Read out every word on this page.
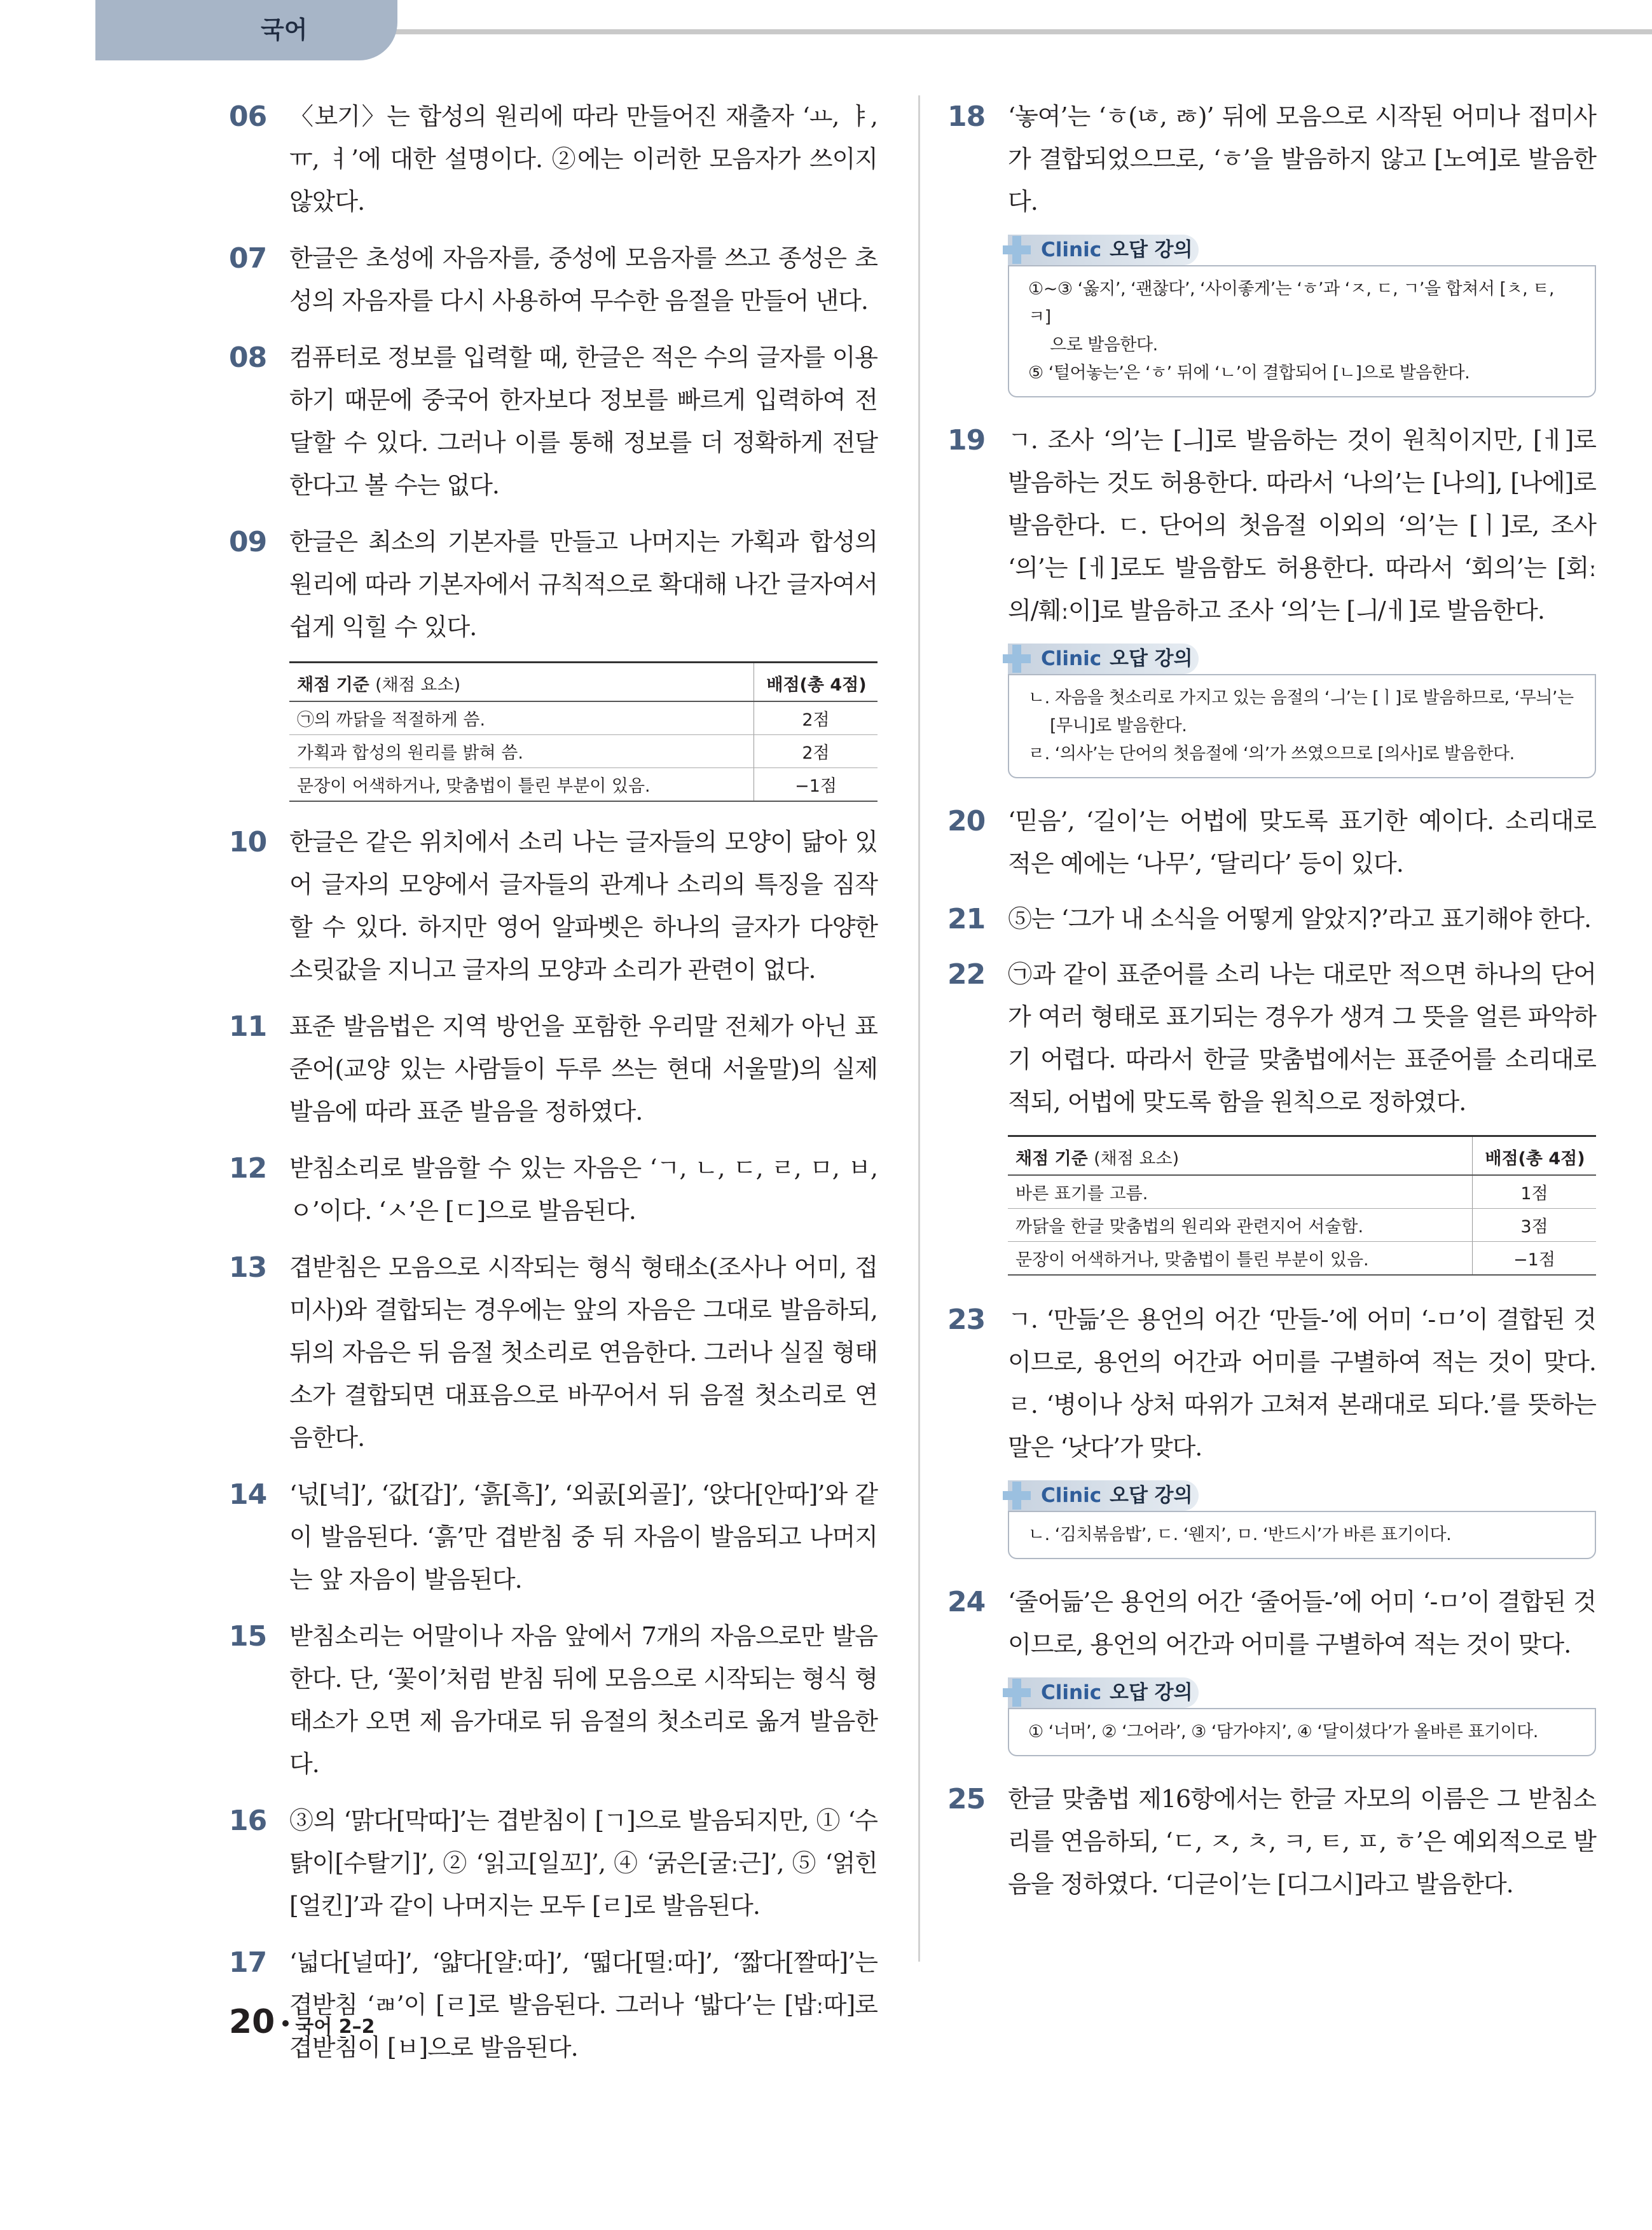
국어
06 〈보기〉는 합성의 원리에 따라 만들어진 재출자 ‘ㅛ, ㅑ, ㅠ, ㅕ’에 대한 설명이다. ②에는 이러한 모음자가 쓰이지 않았다.

07 한글은 초성에 자음자를, 중성에 모음자를 쓰고 종성은 초성의 자음자를 다시 사용하여 무수한 음절을 만들어 낸다.

08 컴퓨터로 정보를 입력할 때, 한글은 적은 수의 글자를 이용하기 때문에 중국어 한자보다 정보를 빠르게 입력하여 전달할 수 있다. 그러나 이를 통해 정보를 더 정확하게 전달한다고 볼 수는 없다.

09 한글은 최소의 기본자를 만들고 나머지는 가획과 합성의 원리에 따라 기본자에서 규칙적으로 확대해 나간 글자여서 쉽게 익힐 수 있다.

채점 기준 (채점 요소)	배점(총 4점)
㉠의 까닭을 적절하게 씀.	2점
가획과 합성의 원리를 밝혀 씀.	2점
문장이 어색하거나, 맞춤법이 틀린 부분이 있음.	−1점
10 한글은 같은 위치에서 소리 나는 글자들의 모양이 닮아 있어 글자의 모양에서 글자들의 관계나 소리의 특징을 짐작할 수 있다. 하지만 영어 알파벳은 하나의 글자가 다양한 소릿값을 지니고 글자의 모양과 소리가 관련이 없다.

11 표준 발음법은 지역 방언을 포함한 우리말 전체가 아닌 표준어(교양 있는 사람들이 두루 쓰는 현대 서울말)의 실제 발음에 따라 표준 발음을 정하였다.

12 받침소리로 발음할 수 있는 자음은 ‘ㄱ, ㄴ, ㄷ, ㄹ, ㅁ, ㅂ, ㅇ’이다. ‘ㅅ’은 [ㄷ]으로 발음된다.

13 겹받침은 모음으로 시작되는 형식 형태소(조사나 어미, 접미사)와 결합되는 경우에는 앞의 자음은 그대로 발음하되, 뒤의 자음은 뒤 음절 첫소리로 연음한다. 그러나 실질 형태소가 결합되면 대표음으로 바꾸어서 뒤 음절 첫소리로 연음한다.

14 ‘넋[넉]’, ‘값[갑]’, ‘흙[흑]’, ‘외곬[외골]’, ‘앉다[안따]’와 같이 발음된다. ‘흙’만 겹받침 중 뒤 자음이 발음되고 나머지는 앞 자음이 발음된다.

15 받침소리는 어말이나 자음 앞에서 7개의 자음으로만 발음한다. 단, ‘꽃이’처럼 받침 뒤에 모음으로 시작되는 형식 형태소가 오면 제 음가대로 뒤 음절의 첫소리로 옮겨 발음한다.

16 ③의 ‘맑다[막따]’는 겹받침이 [ㄱ]으로 발음되지만, ① ‘수탉이[수탈기]’, ② ‘읽고[일꼬]’, ④ ‘굵은[굴ː근]’, ⑤ ‘얽힌[얼킨]’과 같이 나머지는 모두 [ㄹ]로 발음된다.

17 ‘넓다[널따]’, ‘얇다[얄ː따]’, ‘떫다[떨ː따]’, ‘짧다[짤따]’는 겹받침 ‘ㄼ’이 [ㄹ]로 발음된다. 그러나 ‘밟다’는 [밥ː따]로 겹받침이 [ㅂ]으로 발음된다.

18 ‘놓여’는 ‘ㅎ(ㄶ, ㅀ)’ 뒤에 모음으로 시작된 어미나 접미사가 결합되었으므로, ‘ㅎ’을 발음하지 않고 [노여]로 발음한다.

Clinic 오답 강의

①~③ ‘옳지’, ‘괜찮다’, ‘사이좋게’는 ‘ㅎ’과 ‘ㅈ, ㄷ, ㄱ’을 합쳐서 [ㅊ, ㅌ, ㅋ]

으로 발음한다.

⑤ ‘털어놓는’은 ‘ㅎ’ 뒤에 ‘ㄴ’이 결합되어 [ㄴ]으로 발음한다.

19 ㄱ. 조사 ‘의’는 [ㅢ]로 발음하는 것이 원칙이지만, [ㅔ]로 발음하는 것도 허용한다. 따라서 ‘나의’는 [나의], [나에]로 발음한다. ㄷ. 단어의 첫음절 이외의 ‘의’는 [ㅣ]로, 조사 ‘의’는 [ㅔ]로도 발음함도 허용한다. 따라서 ‘회의’는 [회ː의/훼ː이]로 발음하고 조사 ‘의’는 [ㅢ/ㅔ]로 발음한다.

Clinic 오답 강의

ㄴ. 자음을 첫소리로 가지고 있는 음절의 ‘ㅢ’는 [ㅣ]로 발음하므로, ‘무늬’는

[무니]로 발음한다.

ㄹ. ‘의사’는 단어의 첫음절에 ‘의’가 쓰였으므로 [의사]로 발음한다.

20 ‘믿음’, ‘길이’는 어법에 맞도록 표기한 예이다. 소리대로 적은 예에는 ‘나무’, ‘달리다’ 등이 있다.

21 ⑤는 ‘그가 내 소식을 어떻게 알았지?’라고 표기해야 한다.

22 ㉠과 같이 표준어를 소리 나는 대로만 적으면 하나의 단어가 여러 형태로 표기되는 경우가 생겨 그 뜻을 얼른 파악하기 어렵다. 따라서 한글 맞춤법에서는 표준어를 소리대로 적되, 어법에 맞도록 함을 원칙으로 정하였다.

채점 기준 (채점 요소)	배점(총 4점)
바른 표기를 고름.	1점
까닭을 한글 맞춤법의 원리와 관련지어 서술함.	3점
문장이 어색하거나, 맞춤법이 틀린 부분이 있음.	−1점
23 ㄱ. ‘만듦’은 용언의 어간 ‘만들-’에 어미 ‘-ㅁ’이 결합된 것이므로, 용언의 어간과 어미를 구별하여 적는 것이 맞다. ㄹ. ‘병이나 상처 따위가 고쳐져 본래대로 되다.’를 뜻하는 말은 ‘낫다’가 맞다.

Clinic 오답 강의

ㄴ. ‘김치볶음밥’, ㄷ. ‘웬지’, ㅁ. ‘반드시’가 바른 표기이다.

24 ‘줄어듦’은 용언의 어간 ‘줄어들-’에 어미 ‘-ㅁ’이 결합된 것이므로, 용언의 어간과 어미를 구별하여 적는 것이 맞다.

Clinic 오답 강의

① ‘너머’, ② ‘그어라’, ③ ‘담가야지’, ④ ‘달이셨다’가 올바른 표기이다.

25 한글 맞춤법 제16항에서는 한글 자모의 이름은 그 받침소리를 연음하되, ‘ㄷ, ㅈ, ㅊ, ㅋ, ㅌ, ㅍ, ㅎ’은 예외적으로 발음을 정하였다. ‘디귿이’는 [디그시]라고 발음한다.

20 국어 2–2
